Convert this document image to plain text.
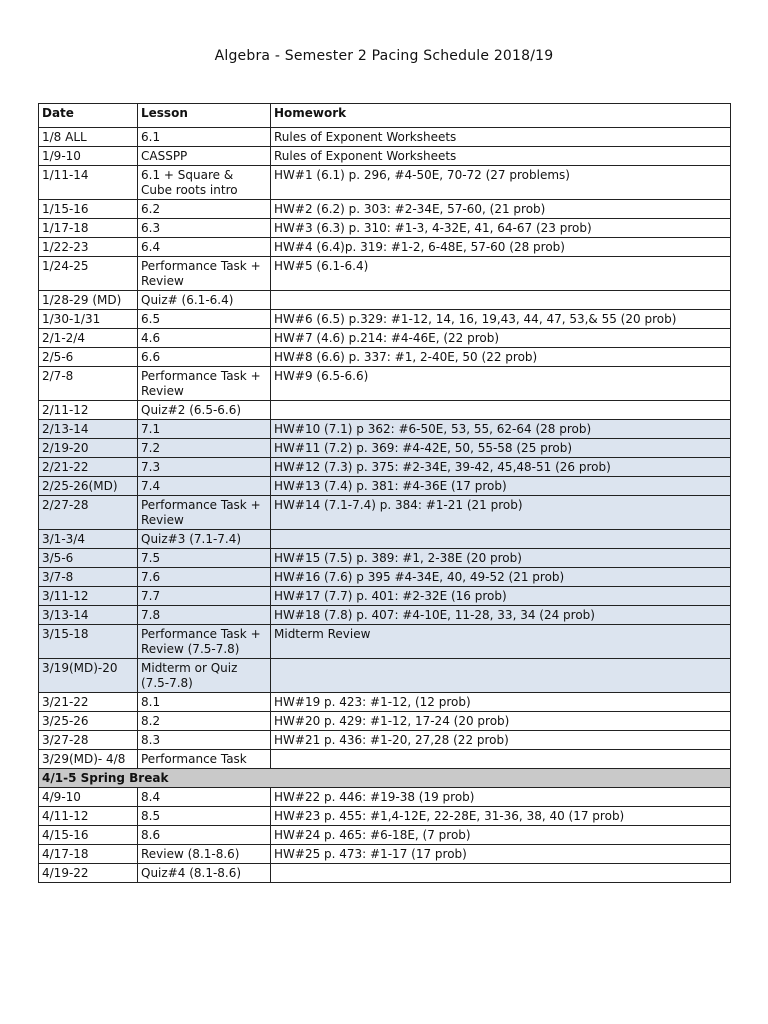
Algebra - Semester 2 Pacing Schedule 2018/19
Date	Lesson	Homework
1/8 ALL	6.1	Rules of Exponent Worksheets
1/9-10	CASSPP	Rules of Exponent Worksheets
1/11-14	6.1 + Square & Cube roots intro	HW#1 (6.1) p. 296, #4-50E, 70-72 (27 problems)
1/15-16	6.2	HW#2 (6.2) p. 303: #2-34E, 57-60, (21 prob)
1/17-18	6.3	HW#3 (6.3) p. 310: #1-3, 4-32E, 41, 64-67 (23 prob)
1/22-23	6.4	HW#4 (6.4)p. 319: #1-2, 6-48E, 57-60 (28 prob)
1/24-25	Performance Task + Review	HW#5 (6.1-6.4)
1/28-29 (MD)	Quiz# (6.1-6.4)	
1/30-1/31	6.5	HW#6 (6.5) p.329: #1-12, 14, 16, 19,43, 44, 47, 53,& 55 (20 prob)
2/1-2/4	4.6	HW#7 (4.6) p.214: #4-46E, (22 prob)
2/5-6	6.6	HW#8 (6.6) p. 337: #1, 2-40E, 50 (22 prob)
2/7-8	Performance Task + Review	HW#9 (6.5-6.6)
2/11-12	Quiz#2 (6.5-6.6)	
2/13-14	7.1	HW#10 (7.1) p 362: #6-50E, 53, 55, 62-64 (28 prob)
2/19-20	7.2	HW#11 (7.2) p. 369: #4-42E, 50, 55-58 (25 prob)
2/21-22	7.3	HW#12 (7.3) p. 375: #2-34E, 39-42, 45,48-51 (26 prob)
2/25-26(MD)	7.4	HW#13 (7.4) p. 381: #4-36E (17 prob)
2/27-28	Performance Task + Review	HW#14 (7.1-7.4) p. 384: #1-21 (21 prob)
3/1-3/4	Quiz#3 (7.1-7.4)	
3/5-6	7.5	HW#15 (7.5) p. 389: #1, 2-38E (20 prob)
3/7-8	7.6	HW#16 (7.6) p 395 #4-34E, 40, 49-52 (21 prob)
3/11-12	7.7	HW#17 (7.7) p. 401: #2-32E (16 prob)
3/13-14	7.8	HW#18 (7.8) p. 407: #4-10E, 11-28, 33, 34 (24 prob)
3/15-18	Performance Task + Review (7.5-7.8)	Midterm Review
3/19(MD)-20	Midterm or Quiz (7.5-7.8)	
3/21-22	8.1	HW#19 p. 423: #1-12, (12 prob)
3/25-26	8.2	HW#20 p. 429: #1-12, 17-24 (20 prob)
3/27-28	8.3	HW#21 p. 436: #1-20, 27,28 (22 prob)
3/29(MD)- 4/8	Performance Task	
4/1-5 Spring Break		
4/9-10	8.4	HW#22 p. 446: #19-38 (19 prob)
4/11-12	8.5	HW#23 p. 455: #1,4-12E, 22-28E, 31-36, 38, 40 (17 prob)
4/15-16	8.6	HW#24 p. 465: #6-18E, (7 prob)
4/17-18	Review (8.1-8.6)	HW#25 p. 473: #1-17 (17 prob)
4/19-22	Quiz#4 (8.1-8.6)	
